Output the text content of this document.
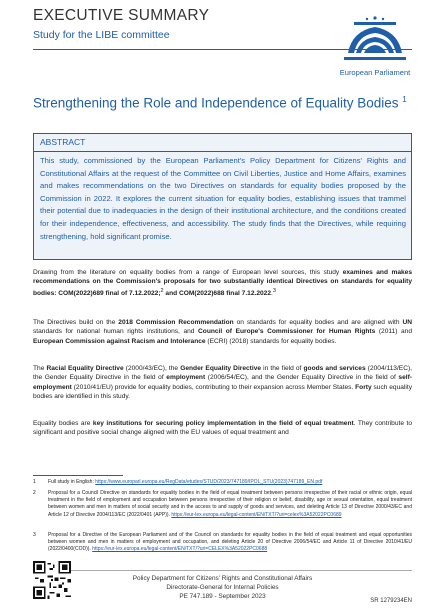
EXECUTIVE SUMMARY
Study for the LIBE committee
European Parliament
Strengthening the Role and Independence of Equality Bodies $^1$
ABSTRACT
This study, commissioned by the European Parliament's Policy Department for Citizens' Rights and Constitutional Affairs at the request of the Committee on Civil Liberties, Justice and Home Affairs, examines and makes recommendations on the two Directives on standards for equality bodies proposed by the Commission in 2022. It explores the current situation for equality bodies, establishing issues that trammel their potential due to inadequacies in the design of their institutional architecture, and the conditions created for their independence, effectiveness, and accessibility. The study finds that the Directives, while requiring strengthening, hold significant promise.
Drawing from the literature on equality bodies from a range of European level sources, this study examines and makes recommendations on the Commission's proposals for two substantially identical Directives on standards for equality bodies: COM(2022)689 final of 7.12.2022;$^2$ and COM(2022)688 final 7.12.2022.$^3$
The Directives build on the 2018 Commission Recommendation on standards for equality bodies and are aligned with UN standards for national human rights institutions, and Council of Europe's Commissioner for Human Rights (2011) and European Commission against Racism and Intolerance (ECRI) (2018) standards for equality bodies.
The Racial Equality Directive (2000/43/EC), the Gender Equality Directive in the field of goods and services (2004/113/EC), the Gender Equality Directive in the field of employment (2006/54/EC), and the Gender Equality Directive in the field of self-employment (2010/41/EU) provide for equality bodies, contributing to their expansion across Member States. Forty such equality bodies are identified in this study.
Equality bodies are key institutions for securing policy implementation in the field of equal treatment. They contribute to significant and positive social change aligned with the EU values of equal treatment and
1 Full study in English: https://www.europarl.europa.eu/RegData/etudes/STUD/2023/747189/IPOL_STU(2023)747189_EN.pdf
2 Proposal for a Council Directive on standards for equality bodies in the field of equal treatment between persons irrespective of their racial or ethnic origin, equal treatment in the field of employment and occupation between persons irrespective of their religion or belief, disability, age or sexual orientation, equal treatment between women and men in matters of social security and in the access to and supply of goods and services, and deleting Article 13 of Directive 2000/43/EC and Article 12 of Directive 2004/113/EC (2022/0401 (APP)). https://eur-lex.europa.eu/legal-content/EN/TXT/?uri=celex%3A52022PC0689
3 Proposal for a Directive of the European Parliament and of the Council on standards for equality bodies in the field of equal treatment and equal opportunities between women and men in matters of employment and occupation, and deleting Article 20 of Directive 2006/54/EC and Article 11 of Directive 2010/41/EU (2022/0400(COD)). https://eur-lex.europa.eu/legal-content/EN/TXT/?uri=CELEX%3A52022PC0688
Policy Department for Citizens' Rights and Constitutional Affairs
Directorate-General for Internal Policies
PE 747.189 - September 2023
SR 1279234EN
